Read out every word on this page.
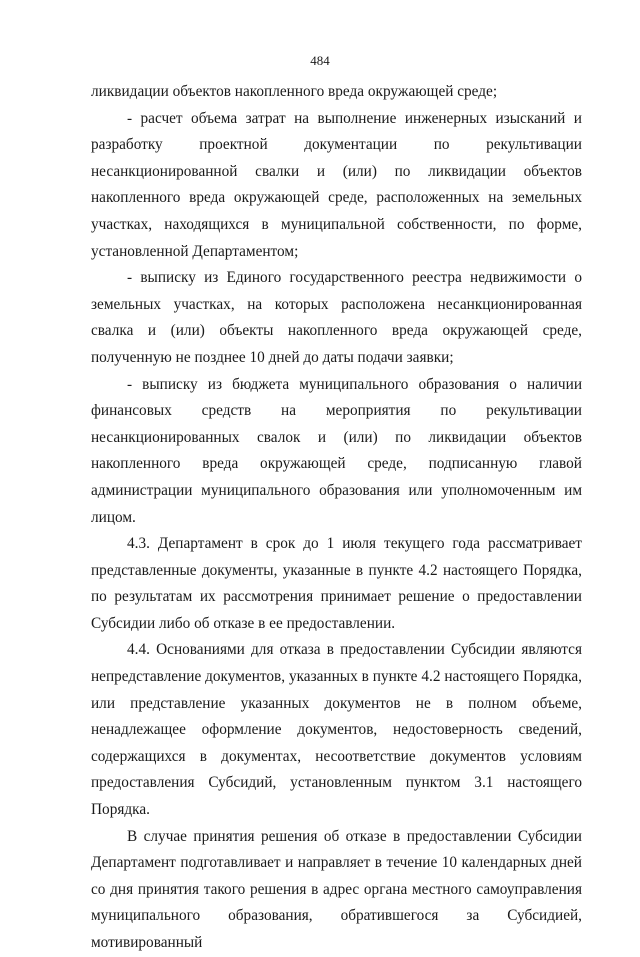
484

ликвидации объектов накопленного вреда окружающей среде;

- расчет объема затрат на выполнение инженерных изысканий и разработку проектной документации по рекультивации несанкционированной свалки и (или) по ликвидации объектов накопленного вреда окружающей среде, расположенных на земельных участках, находящихся в муниципальной собственности, по форме, установленной Департаментом;

- выписку из Единого государственного реестра недвижимости о земельных участках, на которых расположена несанкционированная свалка и (или) объекты накопленного вреда окружающей среде, полученную не позднее 10 дней до даты подачи заявки;

- выписку из бюджета муниципального образования о наличии финансовых средств на мероприятия по рекультивации несанкционированных свалок и (или) по ликвидации объектов накопленного вреда окружающей среде, подписанную главой администрации муниципального образования или уполномоченным им лицом.

4.3. Департамент в срок до 1 июля текущего года рассматривает представленные документы, указанные в пункте 4.2 настоящего Порядка, по результатам их рассмотрения принимает решение о предоставлении Субсидии либо об отказе в ее предоставлении.

4.4. Основаниями для отказа в предоставлении Субсидии являются непредставление документов, указанных в пункте 4.2 настоящего Порядка, или представление указанных документов не в полном объеме, ненадлежащее оформление документов, недостоверность сведений, содержащихся в документах, несоответствие документов условиям предоставления Субсидий, установленным пунктом 3.1 настоящего Порядка.

В случае принятия решения об отказе в предоставлении Субсидии Департамент подготавливает и направляет в течение 10 календарных дней со дня принятия такого решения в адрес органа местного самоуправления муниципального образования, обратившегося за Субсидией, мотивированный
